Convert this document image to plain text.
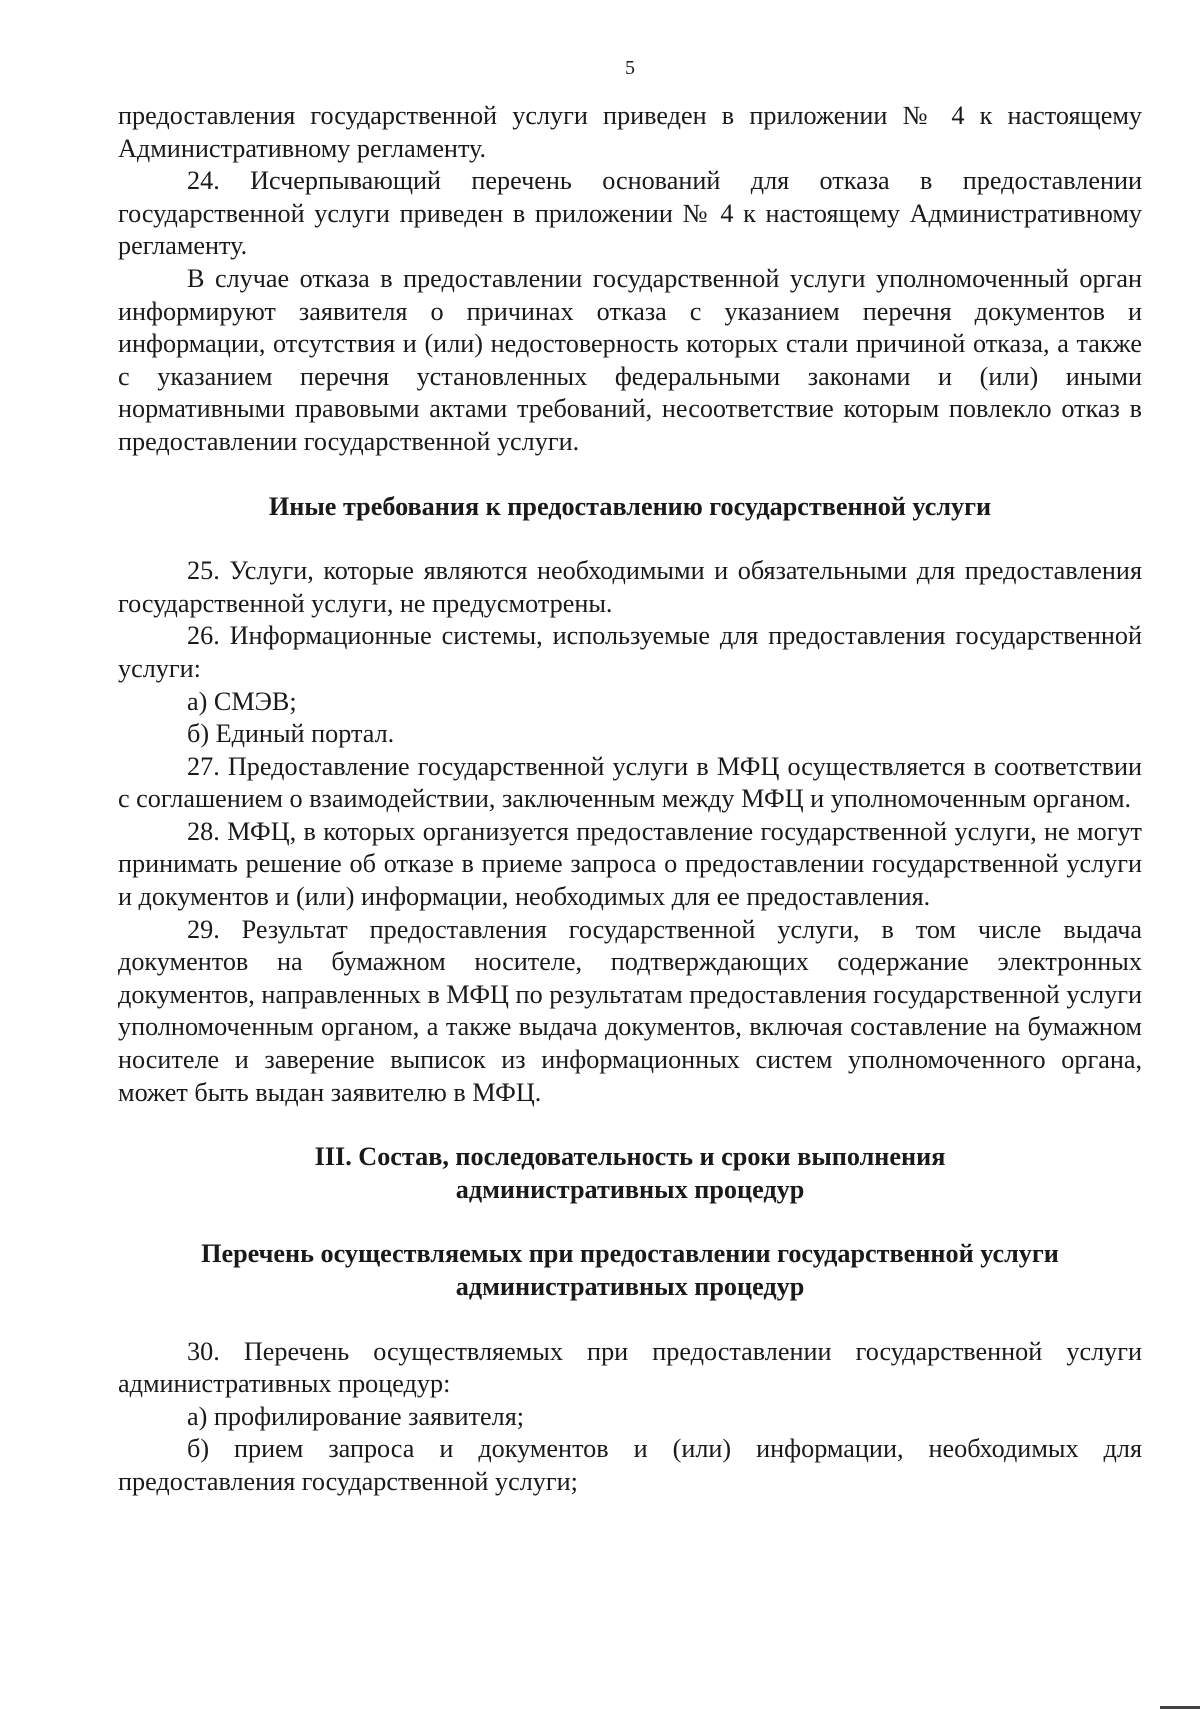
5

предоставления государственной услуги приведен в приложении № 4 к настоящему Административному регламенту.

24. Исчерпывающий перечень оснований для отказа в предоставлении государственной услуги приведен в приложении № 4 к настоящему Административному регламенту.

В случае отказа в предоставлении государственной услуги уполномоченный орган информируют заявителя о причинах отказа с указанием перечня документов и информации, отсутствия и (или) недостоверность которых стали причиной отказа, а также с указанием перечня установленных федеральными законами и (или) иными нормативными правовыми актами требований, несоответствие которым повлекло отказ в предоставлении государственной услуги.

Иные требования к предоставлению государственной услуги

25. Услуги, которые являются необходимыми и обязательными для предоставления государственной услуги, не предусмотрены.

26. Информационные системы, используемые для предоставления государственной услуги:

а) СМЭВ;

б) Единый портал.

27. Предоставление государственной услуги в МФЦ осуществляется в соответствии с соглашением о взаимодействии, заключенным между МФЦ и уполномоченным органом.

28. МФЦ, в которых организуется предоставление государственной услуги, не могут принимать решение об отказе в приеме запроса о предоставлении государственной услуги и документов и (или) информации, необходимых для ее предоставления.

29. Результат предоставления государственной услуги, в том числе выдача документов на бумажном носителе, подтверждающих содержание электронных документов, направленных в МФЦ по результатам предоставления государственной услуги уполномоченным органом, а также выдача документов, включая составление на бумажном носителе и заверение выписок из информационных систем уполномоченного органа, может быть выдан заявителю в МФЦ.

III. Состав, последовательность и сроки выполнения

административных процедур

Перечень осуществляемых при предоставлении государственной услуги

административных процедур

30. Перечень осуществляемых при предоставлении государственной услуги административных процедур:

а) профилирование заявителя;

б) прием запроса и документов и (или) информации, необходимых для предоставления государственной услуги;
